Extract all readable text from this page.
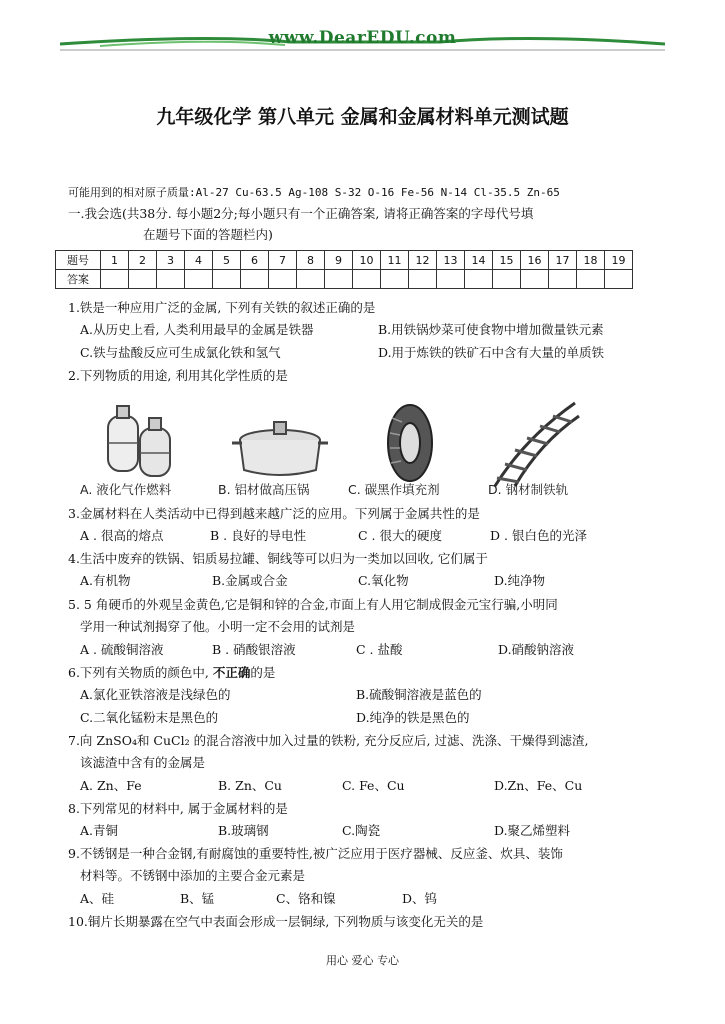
www.DearEDU.com
九年级化学 第八单元 金属和金属材料单元测试题
可能用到的相对原子质量:Al-27 Cu-63.5 Ag-108 S-32 O-16 Fe-56 N-14 Cl-35.5 Zn-65
一.我会选(共38分. 每小题2分;每小题只有一个正确答案, 请将正确答案的字母代号填
在题号下面的答题栏内)
题号	1	2	3	4	5	6	7	8	9	10	11	12	13	14	15	16	17	18	19
答案																			
1.铁是一种应用广泛的金属, 下列有关铁的叙述正确的是
A.从历史上看, 人类利用最早的金属是铁器	B.用铁锅炒菜可使食物中增加微量铁元素
C.铁与盐酸反应可生成氯化铁和氢气	D.用于炼铁的铁矿石中含有大量的单质铁
2.下列物质的用途, 利用其化学性质的是
A. 液化气作燃料	B. 铝材做高压锅	C. 碳黑作填充剂	D. 钢材制铁轨
3.金属材料在人类活动中已得到越来越广泛的应用。下列属于金属共性的是
A . 很高的熔点	B . 良好的导电性	C . 很大的硬度	D . 银白色的光泽
4.生活中废弃的铁锅、铝质易拉罐、铜线等可以归为一类加以回收, 它们属于
A.有机物	B.金属或合金	C.氧化物	D.纯净物
5. 5 角硬币的外观呈金黄色,它是铜和锌的合金,市面上有人用它制成假金元宝行骗,小明同
学用一种试剂揭穿了他。小明一定不会用的试剂是
A . 硫酸铜溶液	B . 硝酸银溶液	C . 盐酸	D.硝酸钠溶液
6.下列有关物质的颜色中, 不正确的是
A.氯化亚铁溶液是浅绿色的	B.硫酸铜溶液是蓝色的
C.二氧化锰粉末是黑色的	D.纯净的铁是黑色的
7.向 ZnSO₄和 CuCl₂ 的混合溶液中加入过量的铁粉, 充分反应后, 过滤、洗涤、干燥得到滤渣,
该滤渣中含有的金属是
A. Zn、Fe	B. Zn、Cu	C. Fe、Cu	D.Zn、Fe、Cu
8.下列常见的材料中, 属于金属材料的是
A.青铜	B.玻璃钢	C.陶瓷	D.聚乙烯塑料
9.不锈钢是一种合金钢,有耐腐蚀的重要特性,被广泛应用于医疗器械、反应釜、炊具、装饰
材料等。不锈钢中添加的主要合金元素是
A、硅	B、锰	C、铬和镍	D、钨
10.铜片长期暴露在空气中表面会形成一层铜绿, 下列物质与该变化无关的是
用心 爱心 专心
